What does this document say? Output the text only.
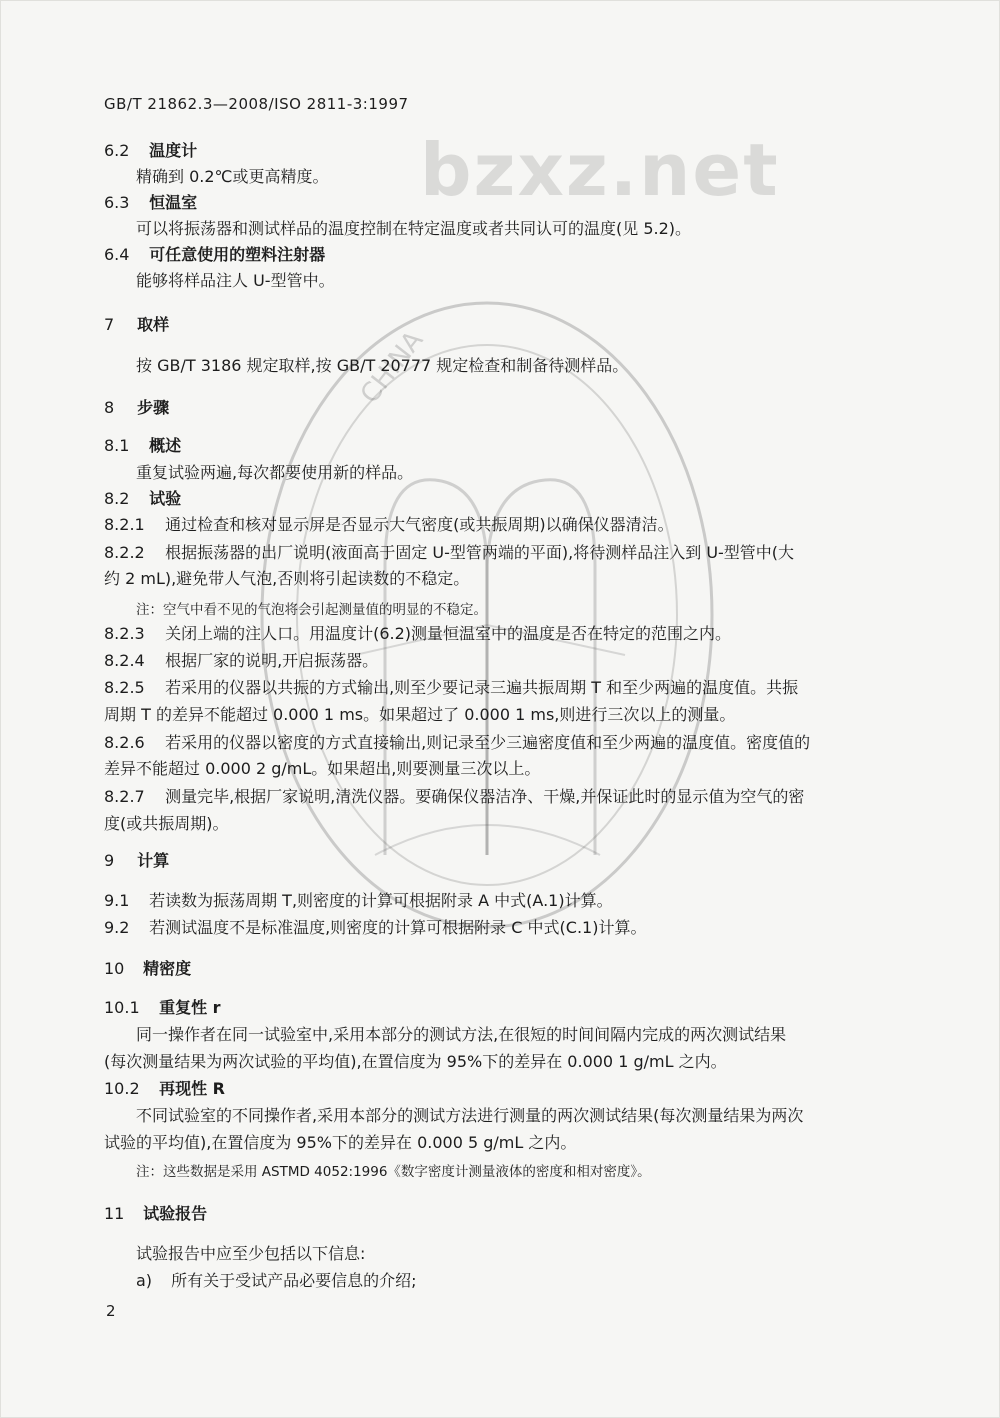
CHINA
bzxz.net
GB/T 21862.3—2008/ISO 2811-3:1997
6.2 温度计
精确到 0.2℃或更高精度。
6.3 恒温室
可以将振荡器和测试样品的温度控制在特定温度或者共同认可的温度(见 5.2)。
6.4 可任意使用的塑料注射器
能够将样品注人 U-型管中。
7 取样
按 GB/T 3186 规定取样,按 GB/T 20777 规定检查和制备待测样品。
8 步骤
8.1 概述
重复试验两遍,每次都要使用新的样品。
8.2 试验
8.2.1 通过检查和核对显示屏是否显示大气密度(或共振周期)以确保仪器清洁。
8.2.2 根据振荡器的出厂说明(液面高于固定 U-型管两端的平面),将待测样品注入到 U-型管中(大
约 2 mL),避免带人气泡,否则将引起读数的不稳定。
注：空气中看不见的气泡将会引起测量值的明显的不稳定。
8.2.3 关闭上端的注人口。用温度计(6.2)测量恒温室中的温度是否在特定的范围之内。
8.2.4 根据厂家的说明,开启振荡器。
8.2.5 若采用的仪器以共振的方式输出,则至少要记录三遍共振周期 T 和至少两遍的温度值。共振
周期 T 的差异不能超过 0.000 1 ms。如果超过了 0.000 1 ms,则进行三次以上的测量。
8.2.6 若采用的仪器以密度的方式直接输出,则记录至少三遍密度值和至少两遍的温度值。密度值的
差异不能超过 0.000 2 g/mL。如果超出,则要测量三次以上。
8.2.7 测量完毕,根据厂家说明,清洗仪器。要确保仪器洁净、干燥,并保证此时的显示值为空气的密
度(或共振周期)。
9 计算
9.1 若读数为振荡周期 T,则密度的计算可根据附录 A 中式(A.1)计算。
9.2 若测试温度不是标准温度,则密度的计算可根据附录 C 中式(C.1)计算。
10 精密度
10.1 重复性 r
同一操作者在同一试验室中,采用本部分的测试方法,在很短的时间间隔内完成的两次测试结果
(每次测量结果为两次试验的平均值),在置信度为 95%下的差异在 0.000 1 g/mL 之内。
10.2 再现性 R
不同试验室的不同操作者,采用本部分的测试方法进行测量的两次测试结果(每次测量结果为两次
试验的平均值),在置信度为 95%下的差异在 0.000 5 g/mL 之内。
注：这些数据是采用 ASTMD 4052:1996《数字密度计测量液体的密度和相对密度》。
11 试验报告
试验报告中应至少包括以下信息:
a) 所有关于受试产品必要信息的介绍;
2
